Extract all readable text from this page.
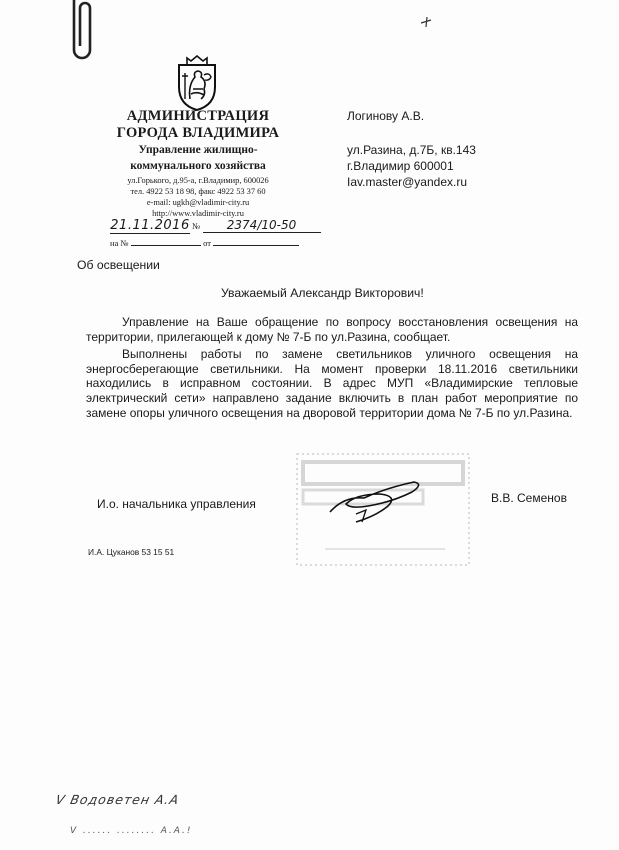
АДМИНИСТРАЦИЯ
ГОРОДА ВЛАДИМИРА
Управление жилищно-
коммунального хозяйства
ул.Горького, д.95-а, г.Владимир, 600026
тел. 4922 53 18 98, факс 4922 53 37 60
e-mail: ugkh@vladimir-city.ru
http://www.vladimir-city.ru
21.11.2016 № 2374/10-50
на №	от
Логинову А.В.
ул.Разина, д.7Б, кв.143
г.Владимир 600001
Iav.master@yandex.ru
Об освещении
Уважаемый Александр Викторович!

Управление на Ваше обращение по вопросу восстановления освещения на территории, прилегающей к дому № 7-Б по ул.Разина, сообщает.

Выполнены работы по замене светильников уличного освещения на энергосберегающие светильники. На момент проверки 18.11.2016 светильники находились в исправном состоянии. В адрес МУП «Владимирские тепловые электрический сети» направлено задание включить в план работ мероприятие по замене опоры уличного освещения на дворовой территории дома № 7-Б по ул.Разина.

И.о. начальника управления	В.В. Семенов
И.А. Цуканов 53 15 51
V Водоветен А.А
V ...... ........ А.А.!
